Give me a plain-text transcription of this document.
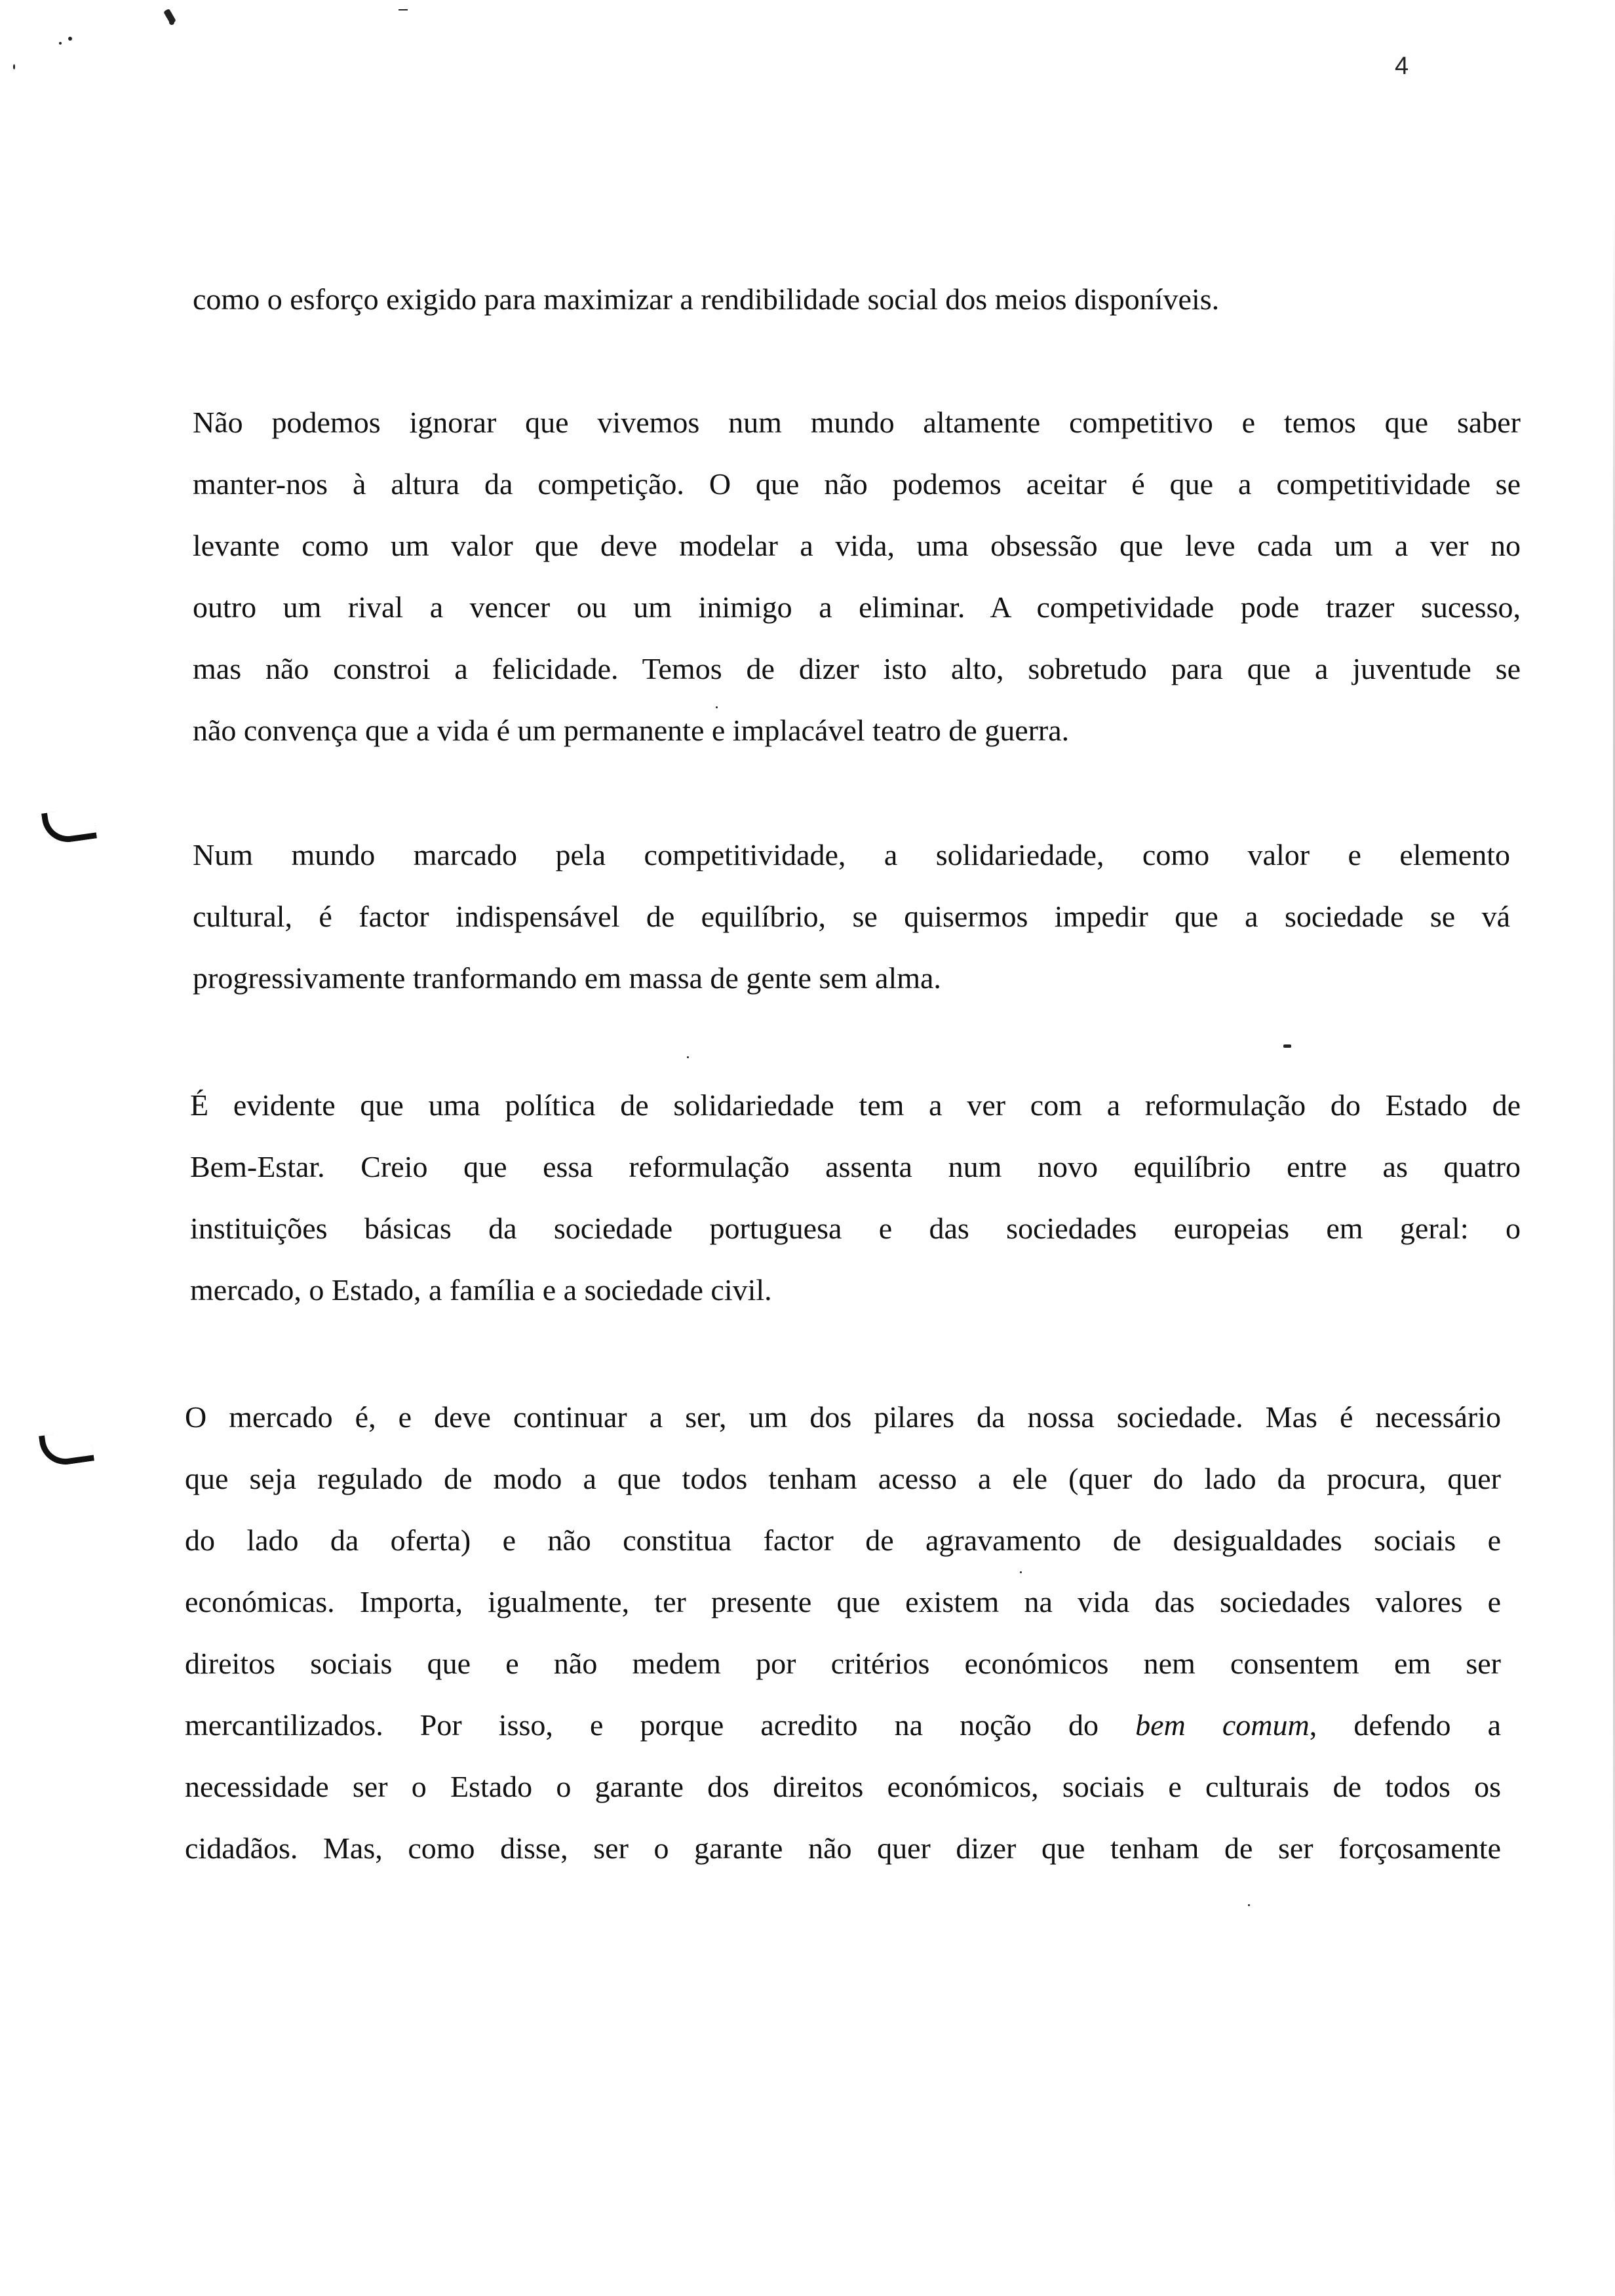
4
como o esforço exigido para maximizar a rendibilidade social dos meios disponíveis.
Não podemos ignorar que vivemos num mundo altamente competitivo e temos que saber
manter-nos à altura da competição. O que não podemos aceitar é que a competitividade se
levante como um valor que deve modelar a vida, uma obsessão que leve cada um a ver no
outro um rival a vencer ou um inimigo a eliminar. A competividade pode trazer sucesso,
mas não constroi a felicidade. Temos de dizer isto alto, sobretudo para que a juventude se
não convença que a vida é um permanente e implacável teatro de guerra.
Num mundo marcado pela competitividade, a solidariedade, como valor e elemento
cultural, é factor indispensável de equilíbrio, se quisermos impedir que a sociedade se vá
progressivamente tranformando em massa de gente sem alma.
É evidente que uma política de solidariedade tem a ver com a reformulação do Estado de
Bem-Estar. Creio que essa reformulação assenta num novo equilíbrio entre as quatro
instituições básicas da sociedade portuguesa e das sociedades europeias em geral: o
mercado, o Estado, a família e a sociedade civil.
O mercado é, e deve continuar a ser, um dos pilares da nossa sociedade. Mas é necessário
que seja regulado de modo a que todos tenham acesso a ele (quer do lado da procura, quer
do lado da oferta) e não constitua factor de agravamento de desigualdades sociais e
económicas. Importa, igualmente, ter presente que existem na vida das sociedades valores e
direitos sociais que e não medem por critérios económicos nem consentem em ser
mercantilizados. Por isso, e porque acredito na noção do bem comum, defendo a
necessidade ser o Estado o garante dos direitos económicos, sociais e culturais de todos os
cidadãos. Mas, como disse, ser o garante não quer dizer que tenham de ser forçosamente
